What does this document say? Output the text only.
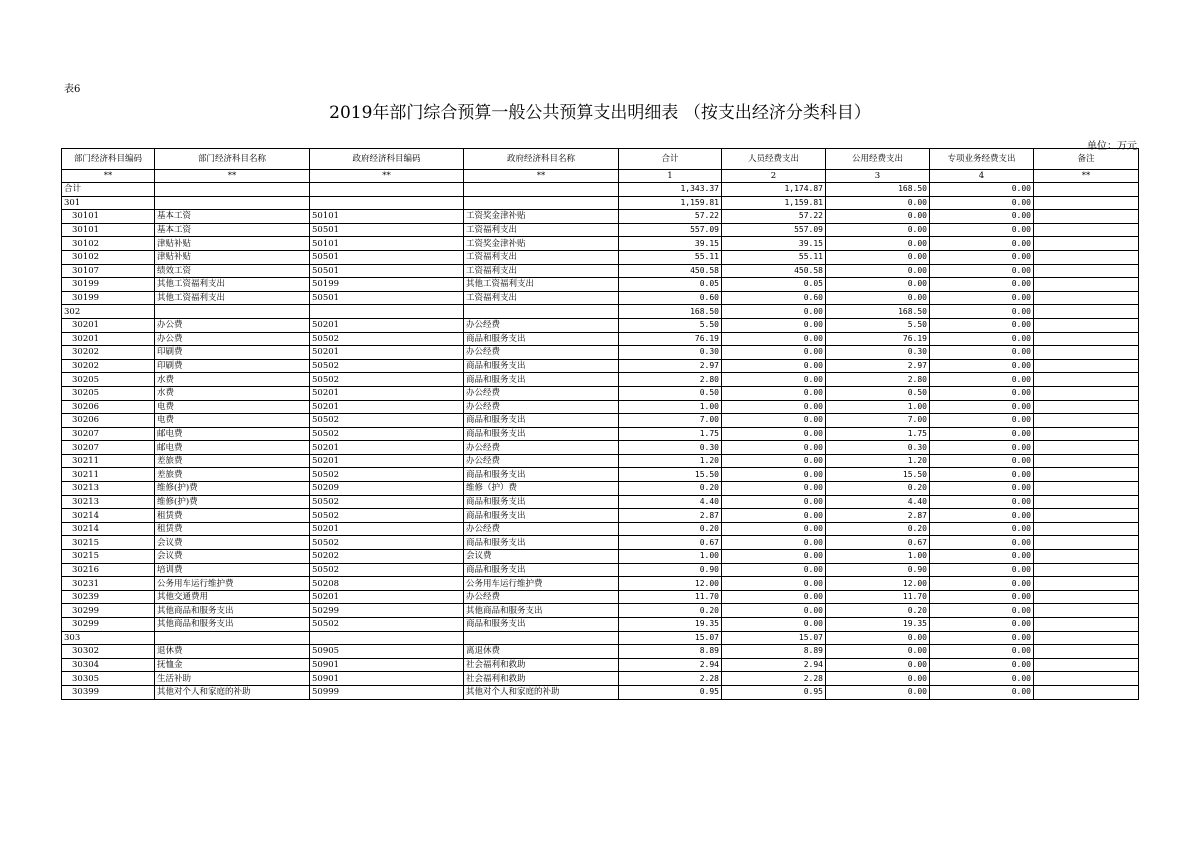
表6
2019年部门综合预算一般公共预算支出明细表 （按支出经济分类科目）
单位：万元
部门经济科目编码	部门经济科目名称	政府经济科目编码	政府经济科目名称	合计	人员经费支出	公用经费支出	专项业务经费支出	备注
**	**	**	**	1	2	3	4	**
合计				1,343.37	1,174.87	168.50	0.00	
301				1,159.81	1,159.81	0.00	0.00	
30101	基本工资	50101	工资奖金津补贴	57.22	57.22	0.00	0.00	
30101	基本工资	50501	工资福利支出	557.09	557.09	0.00	0.00	
30102	津贴补贴	50101	工资奖金津补贴	39.15	39.15	0.00	0.00	
30102	津贴补贴	50501	工资福利支出	55.11	55.11	0.00	0.00	
30107	绩效工资	50501	工资福利支出	450.58	450.58	0.00	0.00	
30199	其他工资福利支出	50199	其他工资福利支出	0.05	0.05	0.00	0.00	
30199	其他工资福利支出	50501	工资福利支出	0.60	0.60	0.00	0.00	
302				168.50	0.00	168.50	0.00	
30201	办公费	50201	办公经费	5.50	0.00	5.50	0.00	
30201	办公费	50502	商品和服务支出	76.19	0.00	76.19	0.00	
30202	印刷费	50201	办公经费	0.30	0.00	0.30	0.00	
30202	印刷费	50502	商品和服务支出	2.97	0.00	2.97	0.00	
30205	水费	50502	商品和服务支出	2.80	0.00	2.80	0.00	
30205	水费	50201	办公经费	0.50	0.00	0.50	0.00	
30206	电费	50201	办公经费	1.00	0.00	1.00	0.00	
30206	电费	50502	商品和服务支出	7.00	0.00	7.00	0.00	
30207	邮电费	50502	商品和服务支出	1.75	0.00	1.75	0.00	
30207	邮电费	50201	办公经费	0.30	0.00	0.30	0.00	
30211	差旅费	50201	办公经费	1.20	0.00	1.20	0.00	
30211	差旅费	50502	商品和服务支出	15.50	0.00	15.50	0.00	
30213	维修(护)费	50209	维修（护）费	0.20	0.00	0.20	0.00	
30213	维修(护)费	50502	商品和服务支出	4.40	0.00	4.40	0.00	
30214	租赁费	50502	商品和服务支出	2.87	0.00	2.87	0.00	
30214	租赁费	50201	办公经费	0.20	0.00	0.20	0.00	
30215	会议费	50502	商品和服务支出	0.67	0.00	0.67	0.00	
30215	会议费	50202	会议费	1.00	0.00	1.00	0.00	
30216	培训费	50502	商品和服务支出	0.90	0.00	0.90	0.00	
30231	公务用车运行维护费	50208	公务用车运行维护费	12.00	0.00	12.00	0.00	
30239	其他交通费用	50201	办公经费	11.70	0.00	11.70	0.00	
30299	其他商品和服务支出	50299	其他商品和服务支出	0.20	0.00	0.20	0.00	
30299	其他商品和服务支出	50502	商品和服务支出	19.35	0.00	19.35	0.00	
303				15.07	15.07	0.00	0.00	
30302	退休费	50905	离退休费	8.89	8.89	0.00	0.00	
30304	抚恤金	50901	社会福利和救助	2.94	2.94	0.00	0.00	
30305	生活补助	50901	社会福利和救助	2.28	2.28	0.00	0.00	
30399	其他对个人和家庭的补助	50999	其他对个人和家庭的补助	0.95	0.95	0.00	0.00	
